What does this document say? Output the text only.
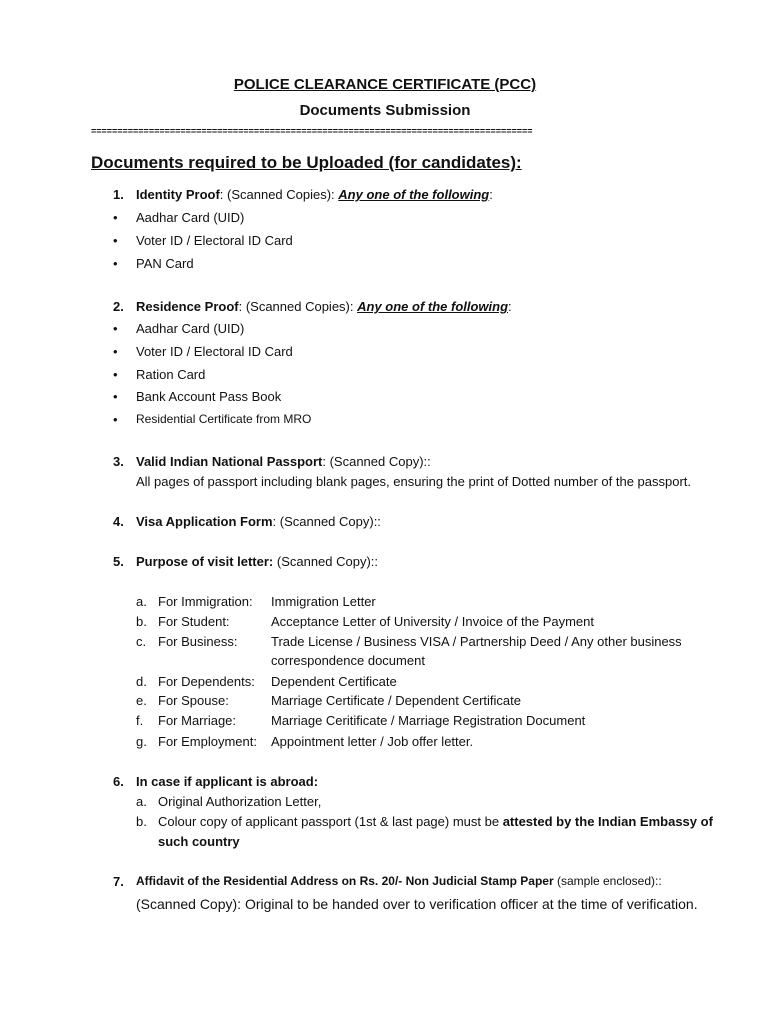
POLICE CLEARANCE CERTIFICATE (PCC)
Documents Submission
====================================================================================
Documents required to be Uploaded (for candidates):
1. Identity Proof: (Scanned Copies): Any one of the following:
• Aadhar Card (UID)
• Voter ID / Electoral ID Card
• PAN Card
2. Residence Proof: (Scanned Copies): Any one of the following:
• Aadhar Card (UID)
• Voter ID / Electoral ID Card
• Ration Card
• Bank Account Pass Book
• Residential Certificate from MRO
3. Valid Indian National Passport: (Scanned Copy)::
All pages of passport including blank pages, ensuring the print of Dotted number of the passport.
4. Visa Application Form: (Scanned Copy)::
5. Purpose of visit letter: (Scanned Copy)::
a. For Immigration: Immigration Letter
b. For Student:	Acceptance Letter of University / Invoice of the Payment
c. For Business:	Trade License / Business VISA / Partnership Deed / Any other business
correspondence document
d. For Dependents: Dependent Certificate
e. For Spouse:	Marriage Certificate / Dependent Certificate
f. For Marriage:	Marriage Ceritificate / Marriage Registration Document
g. For Employment: Appointment letter / Job offer letter.
6. In case if applicant is abroad:
a. Original Authorization Letter,
b. Colour copy of applicant passport (1st & last page) must be attested by the Indian Embassy of
such country
7. Affidavit of the Residential Address on Rs. 20/- Non Judicial Stamp Paper (sample enclosed)::
(Scanned Copy): Original to be handed over to verification officer at the time of verification.
